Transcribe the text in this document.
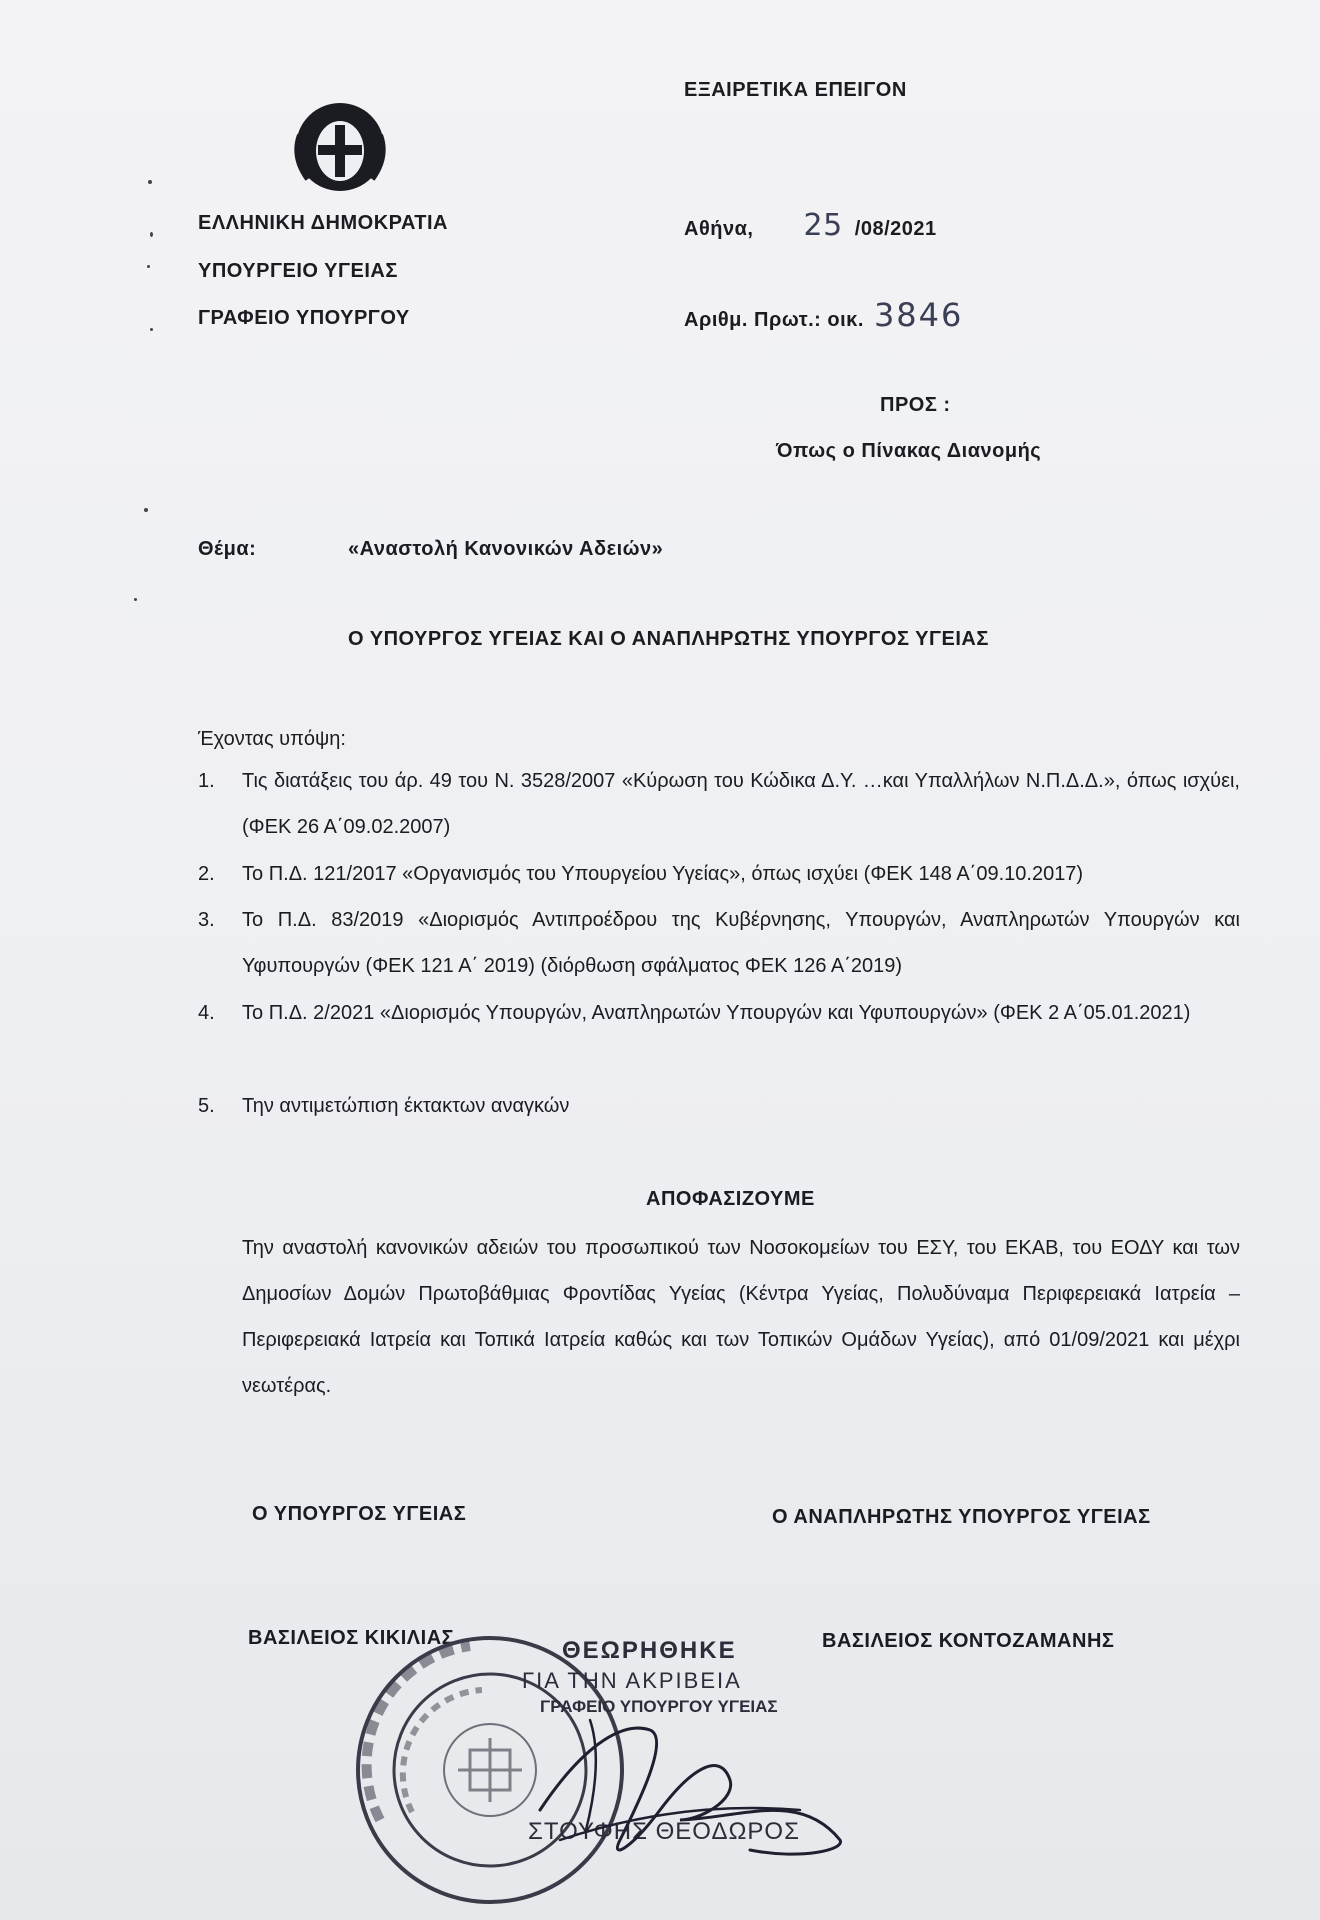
ΕΞΑΙΡΕΤΙΚΑ ΕΠΕΙΓΟΝ
ΕΛΛΗΝΙΚΗ ΔΗΜΟΚΡΑΤΙΑ
ΥΠΟΥΡΓΕΙΟ ΥΓΕΙΑΣ
ΓΡΑΦΕΙΟ ΥΠΟΥΡΓΟΥ
Αθήνα, 25 /08/2021
Αριθμ. Πρωτ.: οικ. 3846
ΠΡΟΣ :
Όπως ο Πίνακας Διανομής
Θέμα:	«Αναστολή Κανονικών Αδειών»
Ο ΥΠΟΥΡΓΟΣ ΥΓΕΙΑΣ ΚΑΙ Ο ΑΝΑΠΛΗΡΩΤΗΣ ΥΠΟΥΡΓΟΣ ΥΓΕΙΑΣ
Έχοντας υπόψη:
1. Τις διατάξεις του άρ. 49 του Ν. 3528/2007 «Κύρωση του Κώδικα Δ.Υ. …και Υπαλλήλων Ν.Π.Δ.Δ.», όπως ισχύει, (ΦΕΚ 26 Α΄09.02.2007)
2. Το Π.Δ. 121/2017 «Οργανισμός του Υπουργείου Υγείας», όπως ισχύει (ΦΕΚ 148 Α΄09.10.2017)
3. Το Π.Δ. 83/2019 «Διορισμός Αντιπροέδρου της Κυβέρνησης, Υπουργών, Αναπληρωτών Υπουργών και Υφυπουργών (ΦΕΚ 121 Α΄ 2019) (διόρθωση σφάλματος ΦΕΚ 126 Α΄2019)
4. Το Π.Δ. 2/2021 «Διορισμός Υπουργών, Αναπληρωτών Υπουργών και Υφυπουργών» (ΦΕΚ 2 Α΄05.01.2021)
5. Την αντιμετώπιση έκτακτων αναγκών
ΑΠΟΦΑΣΙΖΟΥΜΕ
Την αναστολή κανονικών αδειών του προσωπικού των Νοσοκομείων του ΕΣΥ, του ΕΚΑΒ, του ΕΟΔΥ και των Δημοσίων Δομών Πρωτοβάθμιας Φροντίδας Υγείας (Κέντρα Υγείας, Πολυδύναμα Περιφερειακά Ιατρεία – Περιφερειακά Ιατρεία και Τοπικά Ιατρεία καθώς και των Τοπικών Ομάδων Υγείας), από 01/09/2021 και μέχρι νεωτέρας.
Ο ΥΠΟΥΡΓΟΣ ΥΓΕΙΑΣ	Ο ΑΝΑΠΛΗΡΩΤΗΣ ΥΠΟΥΡΓΟΣ ΥΓΕΙΑΣ
ΒΑΣΙΛΕΙΟΣ ΚΙΚΙΛΙΑΣ	ΒΑΣΙΛΕΙΟΣ ΚΟΝΤΟΖΑΜΑΝΗΣ
ΘΕΩΡΗΘΗΚΕ
ΓΙΑ ΤΗΝ ΑΚΡΙΒΕΙΑ
ΓΡΑΦΕΙΟ ΥΠΟΥΡΓΟΥ ΥΓΕΙΑΣ
ΣΤΟΥΦΗΣ ΘΕΟΔΩΡΟΣ
